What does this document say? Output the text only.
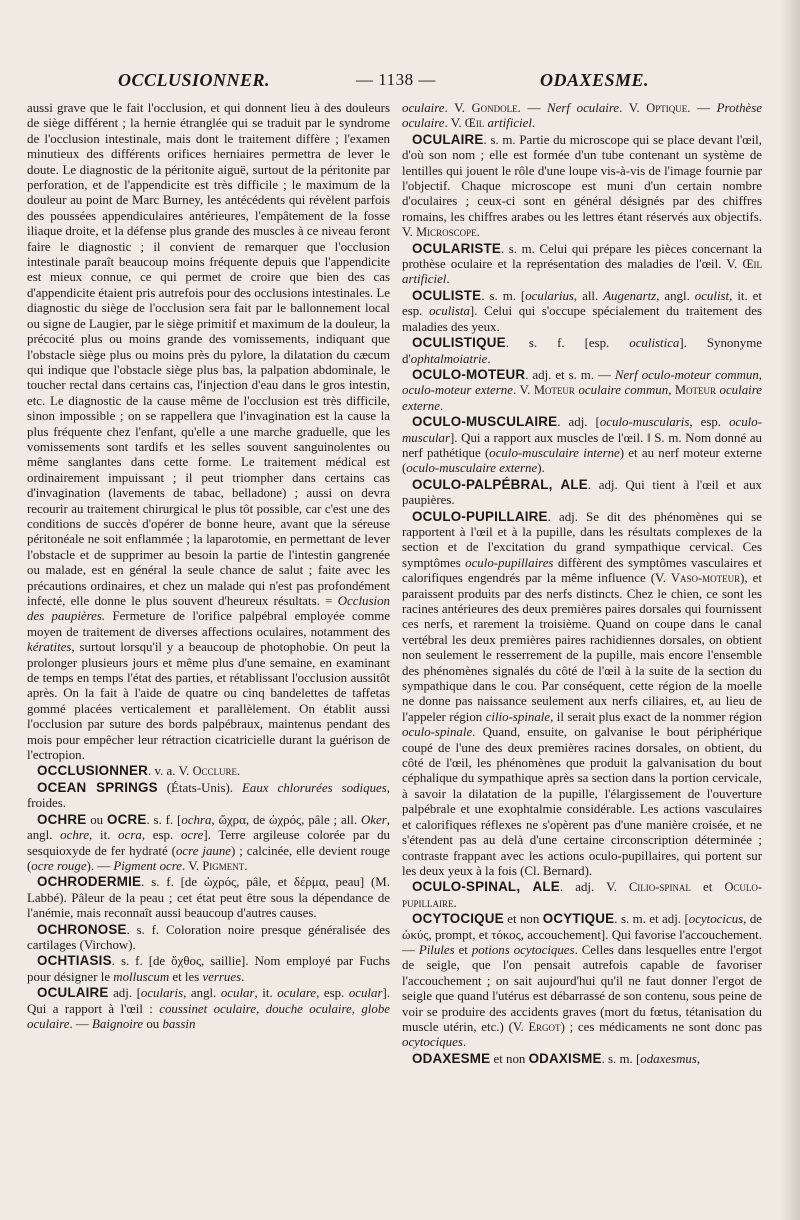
OCCLUSIONNER.	— 1138 —	ODAXESME.

aussi grave que le fait l'occlusion, et qui donnent lieu à des douleurs de siège différent ; la hernie étranglée qui se traduit par le syndrome de l'occlusion intestinale, mais dont le traitement diffère ; l'examen minutieux des différents orifices herniaires permettra de lever le doute. Le diagnostic de la péritonite aiguë, surtout de la péritonite par perforation, et de l'appendicite est très difficile ; le maximum de la douleur au point de Marc Burney, les antécédents qui révèlent parfois des poussées appendiculaires antérieures, l'empâtement de la fosse iliaque droite, et la défense plus grande des muscles à ce niveau feront faire le diagnostic ; il convient de remarquer que l'occlusion intestinale paraît beaucoup moins fréquente depuis que l'appendicite est mieux connue, ce qui permet de croire que bien des cas d'appendicite étaient pris autrefois pour des occlusions intestinales. Le diagnostic du siège de l'occlusion sera fait par le ballonnement local ou signe de Laugier, par le siège primitif et maximum de la douleur, la précocité plus ou moins grande des vomissements, indiquant que l'obstacle siège plus ou moins près du pylore, la dilatation du cæcum qui indique que l'obstacle siège plus bas, la palpation abdominale, le toucher rectal dans certains cas, l'injection d'eau dans le gros intestin, etc. Le diagnostic de la cause même de l'occlusion est très difficile, sinon impossible ; on se rappellera que l'invagination est la cause la plus fréquente chez l'enfant, qu'elle a une marche graduelle, que les vomissements sont tardifs et les selles souvent sanguinolentes ou même sanglantes dans cette forme. Le traitement médical est ordinairement impuissant ; il peut triompher dans certains cas d'invagination (lavements de tabac, belladone) ; aussi on devra recourir au traitement chirurgical le plus tôt possible, car c'est une des conditions de succès d'opérer de bonne heure, avant que la séreuse péritonéale ne soit enflammée ; la laparotomie, en permettant de lever l'obstacle et de supprimer au besoin la partie de l'intestin gangrenée ou malade, est en général la seule chance de salut ; faite avec les précautions ordinaires, et chez un malade qui n'est pas profondément infecté, elle donne le plus souvent d'heureux résultats. = Occlusion des paupières. Fermeture de l'orifice palpébral employée comme moyen de traitement de diverses affections oculaires, notamment des kératites, surtout lorsqu'il y a beaucoup de photophobie. On peut la prolonger plusieurs jours et même plus d'une semaine, en examinant de temps en temps l'état des parties, et rétablissant l'occlusion aussitôt après. On la fait à l'aide de quatre ou cinq bandelettes de taffetas gommé placées verticalement et parallèlement. On établit aussi l'occlusion par suture des bords palpébraux, maintenus pendant des mois pour empêcher leur rétraction cicatricielle durant la guérison de l'ectropion.

OCCLUSIONNER. v. a. V. Occlure.

OCEAN SPRINGS (États-Unis). Eaux chlorurées sodiques, froides.

OCHRE ou OCRE. s. f. [ochra, ὤχρα, de ὠχρός, pâle ; all. Oker, angl. ochre, it. ocra, esp. ocre]. Terre argileuse colorée par du sesquioxyde de fer hydraté (ocre jaune) ; calcinée, elle devient rouge (ocre rouge). — Pigment ocre. V. Pigment.

OCHRODERMIE. s. f. [de ὠχρός, pâle, et δέρμα, peau] (M. Labbé). Pâleur de la peau ; cet état peut être sous la dépendance de l'anémie, mais reconnaît aussi beaucoup d'autres causes.

OCHRONOSE. s. f. Coloration noire presque généralisée des cartilages (Virchow).

OCHTIASIS. s. f. [de ὄχθος, saillie]. Nom employé par Fuchs pour désigner le molluscum et les verrues.

OCULAIRE adj. [ocularis, angl. ocular, it. oculare, esp. ocular]. Qui a rapport à l'œil : coussinet oculaire, douche oculaire, globe oculaire. — Baignoire ou bassin

oculaire. V. Gondole. — Nerf oculaire. V. Optique. — Prothèse oculaire. V. Œil artificiel.

OCULAIRE. s. m. Partie du microscope qui se place devant l'œil, d'où son nom ; elle est formée d'un tube contenant un système de lentilles qui jouent le rôle d'une loupe vis-à-vis de l'image fournie par l'objectif. Chaque microscope est muni d'un certain nombre d'oculaires ; ceux-ci sont en général désignés par des chiffres romains, les chiffres arabes ou les lettres étant réservés aux objectifs. V. Microscope.

OCULARISTE. s. m. Celui qui prépare les pièces concernant la prothèse oculaire et la représentation des maladies de l'œil. V. Œil artificiel.

OCULISTE. s. m. [ocularius, all. Augenartz, angl. oculist, it. et esp. oculista]. Celui qui s'occupe spécialement du traitement des maladies des yeux.

OCULISTIQUE. s. f. [esp. oculistica]. Synonyme d'ophtalmoiatrie.

OCULO-MOTEUR. adj. et s. m. — Nerf oculo-moteur commun, oculo-moteur externe. V. Moteur oculaire commun, Moteur oculaire externe.

OCULO-MUSCULAIRE. adj. [oculo-muscularis, esp. oculo-muscular]. Qui a rapport aux muscles de l'œil. ‖ S. m. Nom donné au nerf pathétique (oculo-musculaire interne) et au nerf moteur externe (oculo-musculaire externe).

OCULO-PALPÉBRAL, ALE. adj. Qui tient à l'œil et aux paupières.

OCULO-PUPILLAIRE. adj. Se dit des phénomènes qui se rapportent à l'œil et à la pupille, dans les résultats complexes de la section et de l'excitation du grand sympathique cervical. Ces symptômes oculo-pupillaires diffèrent des symptômes vasculaires et calorifiques engendrés par la même influence (V. Vaso-moteur), et paraissent produits par des nerfs distincts. Chez le chien, ce sont les racines antérieures des deux premières paires dorsales qui fournissent ces nerfs, et rarement la troisième. Quand on coupe dans le canal vertébral les deux premières paires rachidiennes dorsales, on obtient non seulement le resserrement de la pupille, mais encore l'ensemble des phénomènes signalés du côté de l'œil à la suite de la section du sympathique dans le cou. Par conséquent, cette région de la moelle ne donne pas naissance seulement aux nerfs ciliaires, et, au lieu de l'appeler région cilio-spinale, il serait plus exact de la nommer région oculo-spinale. Quand, ensuite, on galvanise le bout périphérique coupé de l'une des deux premières racines dorsales, on obtient, du côté de l'œil, les phénomènes que produit la galvanisation du bout céphalique du sympathique après sa section dans la portion cervicale, à savoir la dilatation de la pupille, l'élargissement de l'ouverture palpébrale et une exophtalmie considérable. Les actions vasculaires et calorifiques réflexes ne s'opèrent pas d'une manière croisée, et ne s'étendent pas au delà d'une certaine circonscription déterminée ; contraste frappant avec les actions oculo-pupillaires, qui portent sur les deux yeux à la fois (Cl. Bernard).

OCULO-SPINAL, ALE. adj. V. Cilio-spinal et Oculo-pupillaire.

OCYTOCIQUE et non OCYTIQUE. s. m. et adj. [ocytocicus, de ὠκύς, prompt, et τόκος, accouchement]. Qui favorise l'accouchement. — Pilules et potions ocytociques. Celles dans lesquelles entre l'ergot de seigle, que l'on pensait autrefois capable de favoriser l'accouchement ; on sait aujourd'hui qu'il ne faut donner l'ergot de seigle que quand l'utérus est débarrassé de son contenu, sous peine de voir se produire des accidents graves (mort du fœtus, tétanisation du muscle utérin, etc.) (V. Ergot) ; ces médicaments ne sont donc pas ocytociques.

ODAXESME et non ODAXISME. s. m. [odaxesmus,
